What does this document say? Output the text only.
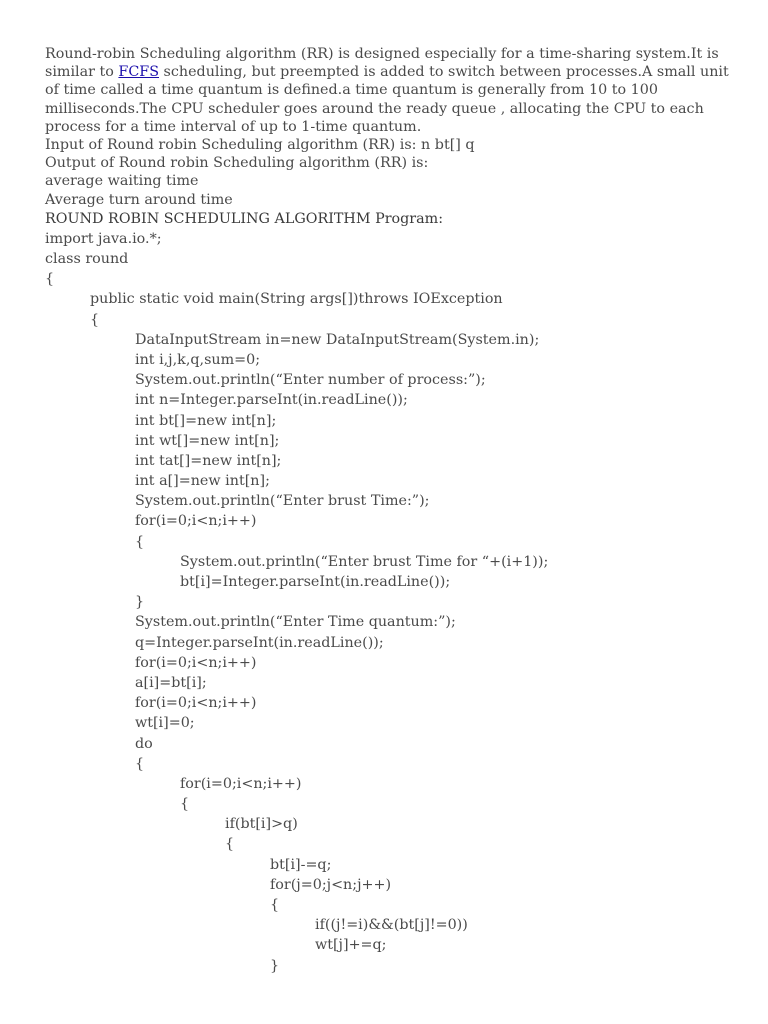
Round-robin Scheduling algorithm (RR) is designed especially for a time-sharing system.It is similar to FCFS scheduling, but preempted is added to switch between processes.A small unit of time called a time quantum is defined.a time quantum is generally from 10 to 100 milliseconds.The CPU scheduler goes around the ready queue , allocating the CPU to each process for a time interval of up to 1-time quantum.

Input of Round robin Scheduling algorithm (RR) is: n bt[] q

Output of Round robin Scheduling algorithm (RR) is:

average waiting time

Average turn around time

ROUND ROBIN SCHEDULING ALGORITHM Program:

import java.io.*;
class round
{
public static void main(String args[])throws IOException
{
DataInputStream in=new DataInputStream(System.in);
int i,j,k,q,sum=0;
System.out.println(“Enter number of process:”);
int n=Integer.parseInt(in.readLine());
int bt[]=new int[n];
int wt[]=new int[n];
int tat[]=new int[n];
int a[]=new int[n];
System.out.println(“Enter brust Time:”);
for(i=0;i<n;i++)
{
System.out.println(“Enter brust Time for “+(i+1));
bt[i]=Integer.parseInt(in.readLine());
}
System.out.println(“Enter Time quantum:”);
q=Integer.parseInt(in.readLine());
for(i=0;i<n;i++)
a[i]=bt[i];
for(i=0;i<n;i++)
wt[i]=0;
do
{
for(i=0;i<n;i++)
{
if(bt[i]>q)
{
bt[i]-=q;
for(j=0;j<n;j++)
{
if((j!=i)&&(bt[j]!=0))
wt[j]+=q;
}
